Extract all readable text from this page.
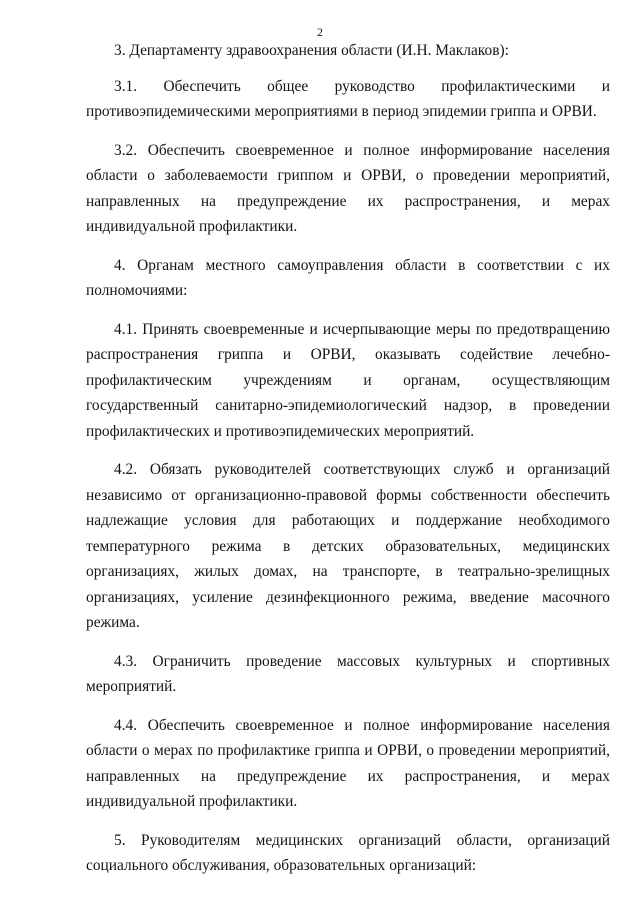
2

3. Департаменту здравоохранения области (И.Н. Маклаков):

3.1. Обеспечить общее руководство профилактическими и противоэпидемическими мероприятиями в период эпидемии гриппа и ОРВИ.

3.2. Обеспечить своевременное и полное информирование населения области о заболеваемости гриппом и ОРВИ, о проведении мероприятий, направленных на предупреждение их распространения, и мерах индивидуальной профилактики.

4. Органам местного самоуправления области в соответствии с их полномочиями:

4.1. Принять своевременные и исчерпывающие меры по предотвращению
распространения гриппа и ОРВИ, оказывать содействие лечебно-профилактическим учреждениям и органам, осуществляющим государственный санитарно-эпидемиологический надзор, в проведении профилактических и противоэпидемических мероприятий.

4.2. Обязать руководителей соответствующих служб и организаций независимо от организационно-правовой формы собственности обеспечить надлежащие условия для работающих и поддержание необходимого температурного режима в детских образовательных, медицинских организациях, жилых домах, на транспорте, в театрально-зрелищных организациях, усиление дезинфекционного режима, введение масочного режима.

4.3. Ограничить проведение массовых культурных и спортивных мероприятий.

4.4. Обеспечить своевременное и полное информирование населения области о мерах по профилактике гриппа и ОРВИ, о проведении мероприятий, направленных на предупреждение их распространения, и мерах индивидуальной профилактики.

5. Руководителям медицинских организаций области, организаций социального обслуживания, образовательных организаций:
